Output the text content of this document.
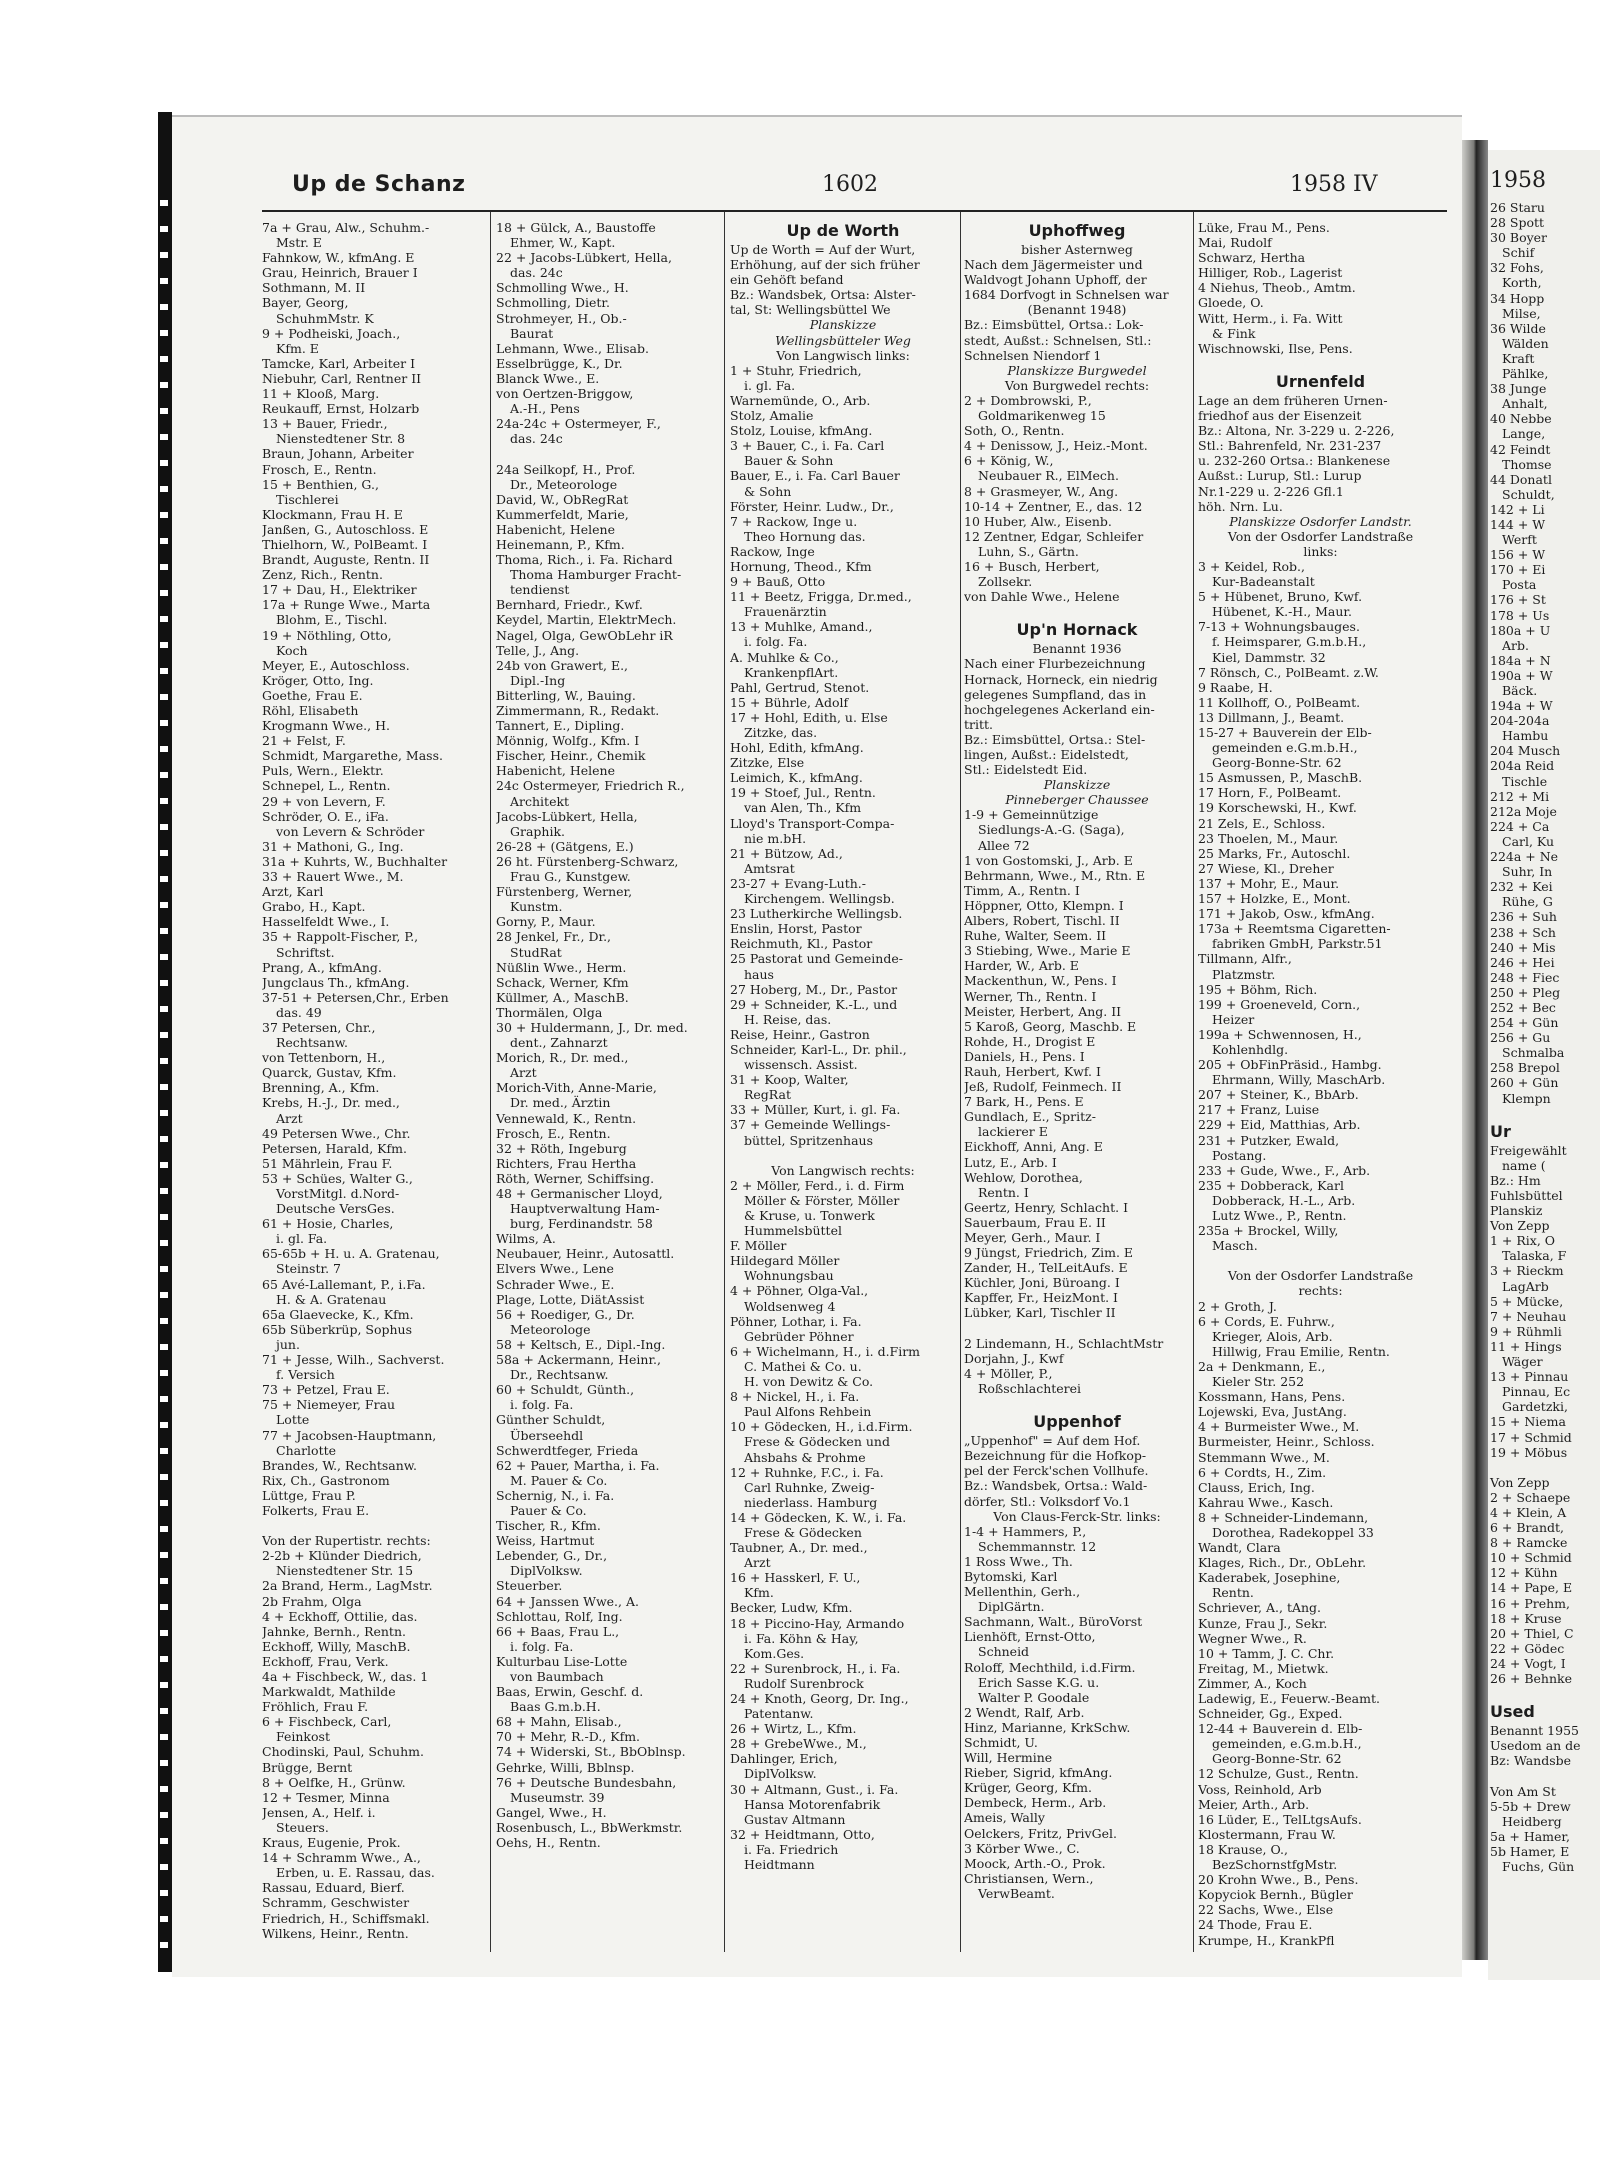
Up de Schanz	1602	1958 IV
7a + Grau, Alw., Schuhm.-
Mstr. E
Fahnkow, W., kfmAng. E
Grau, Heinrich, Brauer I
Sothmann, M. II
Bayer, Georg,
SchuhmMstr. K
9 + Podheiski, Joach.,
Kfm. E
Tamcke, Karl, Arbeiter I
Niebuhr, Carl, Rentner II
11 + Klooß, Marg.
Reukauff, Ernst, Holzarb
13 + Bauer, Friedr.,
Nienstedtener Str. 8
Braun, Johann, Arbeiter
Frosch, E., Rentn.
15 + Benthien, G.,
Tischlerei
Klockmann, Frau H. E
Janßen, G., Autoschloss. E
Thielhorn, W., PolBeamt. I
Brandt, Auguste, Rentn. II
Zenz, Rich., Rentn.
17 + Dau, H., Elektriker
17a + Runge Wwe., Marta
Blohm, E., Tischl.
19 + Nöthling, Otto,
Koch
Meyer, E., Autoschloss.
Kröger, Otto, Ing.
Goethe, Frau E.
Röhl, Elisabeth
Krogmann Wwe., H.
21 + Felst, F.
Schmidt, Margarethe, Mass.
Puls, Wern., Elektr.
Schnepel, L., Rentn.
29 + von Levern, F.
Schröder, O. E., iFa.
von Levern & Schröder
31 + Mathoni, G., Ing.
31a + Kuhrts, W., Buchhalter
33 + Rauert Wwe., M.
Arzt, Karl
Grabo, H., Kapt.
Hasselfeldt Wwe., I.
35 + Rappolt-Fischer, P.,
Schriftst.
Prang, A., kfmAng.
Jungclaus Th., kfmAng.
37-51 + Petersen,Chr., Erben
das. 49
37 Petersen, Chr.,
Rechtsanw.
von Tettenborn, H.,
Quarck, Gustav, Kfm.
Brenning, A., Kfm.
Krebs, H.-J., Dr. med.,
Arzt
49 Petersen Wwe., Chr.
Petersen, Harald, Kfm.
51 Mährlein, Frau F.
53 + Schües, Walter G.,
VorstMitgl. d.Nord-
Deutsche VersGes.
61 + Hosie, Charles,
i. gl. Fa.
65-65b + H. u. A. Gratenau,
Steinstr. 7
65 Avé-Lallemant, P., i.Fa.
H. & A. Gratenau
65a Glaevecke, K., Kfm.
65b Süberkrüp, Sophus
jun.
71 + Jesse, Wilh., Sachverst.
f. Versich
73 + Petzel, Frau E.
75 + Niemeyer, Frau
Lotte
77 + Jacobsen-Hauptmann,
Charlotte
Brandes, W., Rechtsanw.
Rix, Ch., Gastronom
Lüttge, Frau P.
Folkerts, Frau E.

Von der Rupertistr. rechts:
2-2b + Klünder Diedrich,
Nienstedtener Str. 15
2a Brand, Herm., LagMstr.
2b Frahm, Olga
4 + Eckhoff, Ottilie, das.
Jahnke, Bernh., Rentn.
Eckhoff, Willy, MaschB.
Eckhoff, Frau, Verk.
4a + Fischbeck, W., das. 1
Markwaldt, Mathilde
Fröhlich, Frau F.
6 + Fischbeck, Carl,
Feinkost
Chodinski, Paul, Schuhm.
Brügge, Bernt
8 + Oelfke, H., Grünw.
12 + Tesmer, Minna
Jensen, A., Helf. i.
Steuers.
Kraus, Eugenie, Prok.
14 + Schramm Wwe., A.,
Erben, u. E. Rassau, das.
Rassau, Eduard, Bierf.
Schramm, Geschwister
Friedrich, H., Schiffsmakl.
Wilkens, Heinr., Rentn.
18 + Gülck, A., Baustoffe
Ehmer, W., Kapt.
22 + Jacobs-Lübkert, Hella,
das. 24c
Schmolling Wwe., H.
Schmolling, Dietr.
Strohmeyer, H., Ob.-
Baurat
Lehmann, Wwe., Elisab.
Esselbrügge, K., Dr.
Blanck Wwe., E.
von Oertzen-Briggow,
A.-H., Pens
24a-24c + Ostermeyer, F.,
das. 24c

24a Seilkopf, H., Prof.
Dr., Meteorologe
David, W., ObRegRat
Kummerfeldt, Marie,
Habenicht, Helene
Heinemann, P., Kfm.
Thoma, Rich., i. Fa. Richard
Thoma Hamburger Fracht-
tendienst
Bernhard, Friedr., Kwf.
Keydel, Martin, ElektrMech.
Nagel, Olga, GewObLehr iR
Telle, J., Ang.
24b von Grawert, E.,
Dipl.-Ing
Bitterling, W., Bauing.
Zimmermann, R., Redakt.
Tannert, E., Dipling.
Mönnig, Wolfg., Kfm. I
Fischer, Heinr., Chemik
Habenicht, Helene
24c Ostermeyer, Friedrich R.,
Architekt
Jacobs-Lübkert, Hella,
Graphik.
26-28 + (Gätgens, E.)
26 ht. Fürstenberg-Schwarz,
Frau G., Kunstgew.
Fürstenberg, Werner,
Kunstm.
Gorny, P., Maur.
28 Jenkel, Fr., Dr.,
StudRat
Nüßlin Wwe., Herm.
Schack, Werner, Kfm
Küllmer, A., MaschB.
Thormälen, Olga
30 + Huldermann, J., Dr. med.
dent., Zahnarzt
Morich, R., Dr. med.,
Arzt
Morich-Vith, Anne-Marie,
Dr. med., Ärztin
Vennewald, K., Rentn.
Frosch, E., Rentn.
32 + Röth, Ingeburg
Richters, Frau Hertha
Röth, Werner, Schiffsing.
48 + Germanischer Lloyd,
Hauptverwaltung Ham-
burg, Ferdinandstr. 58
Wilms, A.
Neubauer, Heinr., Autosattl.
Elvers Wwe., Lene
Schrader Wwe., E.
Plage, Lotte, DiätAssist
56 + Roediger, G., Dr.
Meteorologe
58 + Keltsch, E., Dipl.-Ing.
58a + Ackermann, Heinr.,
Dr., Rechtsanw.
60 + Schuldt, Günth.,
i. folg. Fa.
Günther Schuldt,
Überseehdl
Schwerdtfeger, Frieda
62 + Pauer, Martha, i. Fa.
M. Pauer & Co.
Schernig, N., i. Fa.
Pauer & Co.
Tischer, R., Kfm.
Weiss, Hartmut
Lebender, G., Dr.,
DiplVolksw.
Steuerber.
64 + Janssen Wwe., A.
Schlottau, Rolf, Ing.
66 + Baas, Frau L.,
i. folg. Fa.
Kulturbau Lise-Lotte
von Baumbach
Baas, Erwin, Geschf. d.
Baas G.m.b.H.
68 + Mahn, Elisab.,
70 + Mehr, R.-D., Kfm.
74 + Widerski, St., BbOblnsp.
Gehrke, Willi, Bblnsp.
76 + Deutsche Bundesbahn,
Museumstr. 39
Gangel, Wwe., H.
Rosenbusch, L., BbWerkmstr.
Oehs, H., Rentn.
Up de Worth
Up de Worth = Auf der Wurt,
Erhöhung, auf der sich früher
ein Gehöft befand
Bz.: Wandsbek, Ortsa: Alster-
tal, St: Wellingsbüttel We
Planskizze
Wellingsbütteler Weg
Von Langwisch links:
1 + Stuhr, Friedrich,
i. gl. Fa.
Warnemünde, O., Arb.
Stolz, Amalie
Stolz, Louise, kfmAng.
3 + Bauer, C., i. Fa. Carl
Bauer & Sohn
Bauer, E., i. Fa. Carl Bauer
& Sohn
Förster, Heinr. Ludw., Dr.,
7 + Rackow, Inge u.
Theo Hornung das.
Rackow, Inge
Hornung, Theod., Kfm
9 + Bauß, Otto
11 + Beetz, Frigga, Dr.med.,
Frauenärztin
13 + Muhlke, Amand.,
i. folg. Fa.
A. Muhlke & Co.,
KrankenpflArt.
Pahl, Gertrud, Stenot.
15 + Bührle, Adolf
17 + Hohl, Edith, u. Else
Zitzke, das.
Hohl, Edith, kfmAng.
Zitzke, Else
Leimich, K., kfmAng.
19 + Stoef, Jul., Rentn.
van Alen, Th., Kfm
Lloyd's Transport-Compa-
nie m.bH.
21 + Bützow, Ad.,
Amtsrat
23-27 + Evang-Luth.-
Kirchengem. Wellingsb.
23 Lutherkirche Wellingsb.
Enslin, Horst, Pastor
Reichmuth, Kl., Pastor
25 Pastorat und Gemeinde-
haus
27 Hoberg, M., Dr., Pastor
29 + Schneider, K.-L., und
H. Reise, das.
Reise, Heinr., Gastron
Schneider, Karl-L., Dr. phil.,
wissensch. Assist.
31 + Koop, Walter,
RegRat
33 + Müller, Kurt, i. gl. Fa.
37 + Gemeinde Wellings-
büttel, Spritzenhaus

Von Langwisch rechts:
2 + Möller, Ferd., i. d. Firm
Möller & Förster, Möller
& Kruse, u. Tonwerk
Hummelsbüttel
F. Möller
Hildegard Möller
Wohnungsbau
4 + Pöhner, Olga-Val.,
Woldsenweg 4
Pöhner, Lothar, i. Fa.
Gebrüder Pöhner
6 + Wichelmann, H., i. d.Firm
C. Mathei & Co. u.
H. von Dewitz & Co.
8 + Nickel, H., i. Fa.
Paul Alfons Rehbein
10 + Gödecken, H., i.d.Firm.
Frese & Gödecken und
Ahsbahs & Prohme
12 + Ruhnke, F.C., i. Fa.
Carl Ruhnke, Zweig-
niederlass. Hamburg
14 + Gödecken, K. W., i. Fa.
Frese & Gödecken
Taubner, A., Dr. med.,
Arzt
16 + Hasskerl, F. U.,
Kfm.
Becker, Ludw, Kfm.
18 + Piccino-Hay, Armando
i. Fa. Köhn & Hay,
Kom.Ges.
22 + Surenbrock, H., i. Fa.
Rudolf Surenbrock
24 + Knoth, Georg, Dr. Ing.,
Patentanw.
26 + Wirtz, L., Kfm.
28 + GrebeWwe., M.,
Dahlinger, Erich,
DiplVolksw.
30 + Altmann, Gust., i. Fa.
Hansa Motorenfabrik
Gustav Altmann
32 + Heidtmann, Otto,
i. Fa. Friedrich
Heidtmann
Uphoffweg
bisher Asternweg
Nach dem Jägermeister und
Waldvogt Johann Uphoff, der
1684 Dorfvogt in Schnelsen war
(Benannt 1948)
Bz.: Eimsbüttel, Ortsa.: Lok-
stedt, Außst.: Schnelsen, Stl.:
Schnelsen Niendorf 1
Planskizze Burgwedel
Von Burgwedel rechts:
2 + Dombrowski, P.,
Goldmarikenweg 15
Soth, O., Rentn.
4 + Denissow, J., Heiz.-Mont.
6 + König, W.,
Neubauer R., ElMech.
8 + Grasmeyer, W., Ang.
10-14 + Zentner, E., das. 12
10 Huber, Alw., Eisenb.
12 Zentner, Edgar, Schleifer
Luhn, S., Gärtn.
16 + Busch, Herbert,
Zollsekr.
von Dahle Wwe., Helene

Up'n Hornack
Benannt 1936
Nach einer Flurbezeichnung
Hornack, Horneck, ein niedrig
gelegenes Sumpfland, das in
hochgelegenes Ackerland ein-
tritt.
Bz.: Eimsbüttel, Ortsa.: Stel-
lingen, Außst.: Eidelstedt,
Stl.: Eidelstedt Eid.
Planskizze
Pinneberger Chaussee
1-9 + Gemeinnützige
Siedlungs-A.-G. (Saga),
Allee 72
1 von Gostomski, J., Arb. E
Behrmann, Wwe., M., Rtn. E
Timm, A., Rentn. I
Höppner, Otto, Klempn. I
Albers, Robert, Tischl. II
Ruhe, Walter, Seem. II
3 Stiebing, Wwe., Marie E
Harder, W., Arb. E
Mackenthun, W., Pens. I
Werner, Th., Rentn. I
Meister, Herbert, Ang. II
5 Karoß, Georg, Maschb. E
Rohde, H., Drogist E
Daniels, H., Pens. I
Rauh, Herbert, Kwf. I
Jeß, Rudolf, Feinmech. II
7 Bark, H., Pens. E
Gundlach, E., Spritz-
lackierer E
Eickhoff, Anni, Ang. E
Lutz, E., Arb. I
Wehlow, Dorothea,
Rentn. I
Geertz, Henry, Schlacht. I
Sauerbaum, Frau E. II
Meyer, Gerh., Maur. I
9 Jüngst, Friedrich, Zim. E
Zander, H., TelLeitAufs. E
Küchler, Joni, Büroang. I
Kapffer, Fr., HeizMont. I
Lübker, Karl, Tischler II

2 Lindemann, H., SchlachtMstr
Dorjahn, J., Kwf
4 + Möller, P.,
Roßschlachterei

Uppenhof
„Uppenhof" = Auf dem Hof.
Bezeichnung für die Hofkop-
pel der Ferck'schen Vollhufe.
Bz.: Wandsbek, Ortsa.: Wald-
dörfer, Stl.: Volksdorf Vo.1
Von Claus-Ferck-Str. links:
1-4 + Hammers, P.,
Schemmannstr. 12
1 Ross Wwe., Th.
Bytomski, Karl
Mellenthin, Gerh.,
DiplGärtn.
Sachmann, Walt., BüroVorst
Lienhöft, Ernst-Otto,
Schneid
Roloff, Mechthild, i.d.Firm.
Erich Sasse K.G. u.
Walter P. Goodale
2 Wendt, Ralf, Arb.
Hinz, Marianne, KrkSchw.
Schmidt, U.
Will, Hermine
Rieber, Sigrid, kfmAng.
Krüger, Georg, Kfm.
Dembeck, Herm., Arb.
Ameis, Wally
Oelckers, Fritz, PrivGel.
3 Körber Wwe., C.
Moock, Arth.-O., Prok.
Christiansen, Wern.,
VerwBeamt.
Lüke, Frau M., Pens.
Mai, Rudolf
Schwarz, Hertha
Hilliger, Rob., Lagerist
4 Niehus, Theob., Amtm.
Gloede, O.
Witt, Herm., i. Fa. Witt
& Fink
Wischnowski, Ilse, Pens.

Urnenfeld
Lage an dem früheren Urnen-
friedhof aus der Eisenzeit
Bz.: Altona, Nr. 3-229 u. 2-226,
Stl.: Bahrenfeld, Nr. 231-237
u. 232-260 Ortsa.: Blankenese
Außst.: Lurup, Stl.: Lurup
Nr.1-229 u. 2-226 Gfl.1
höh. Nrn. Lu.
Planskizze Osdorfer Landstr.
Von der Osdorfer Landstraße
links:
3 + Keidel, Rob.,
Kur-Badeanstalt
5 + Hübenet, Bruno, Kwf.
Hübenet, K.-H., Maur.
7-13 + Wohnungsbauges.
f. Heimsparer, G.m.b.H.,
Kiel, Dammstr. 32
7 Rönsch, C., PolBeamt. z.W.
9 Raabe, H.
11 Kollhoff, O., PolBeamt.
13 Dillmann, J., Beamt.
15-27 + Bauverein der Elb-
gemeinden e.G.m.b.H.,
Georg-Bonne-Str. 62
15 Asmussen, P., MaschB.
17 Horn, F., PolBeamt.
19 Korschewski, H., Kwf.
21 Zels, E., Schloss.
23 Thoelen, M., Maur.
25 Marks, Fr., Autoschl.
27 Wiese, Kl., Dreher
137 + Mohr, E., Maur.
157 + Holzke, E., Mont.
171 + Jakob, Osw., kfmAng.
173a + Reemtsma Cigaretten-
fabriken GmbH, Parkstr.51
Tillmann, Alfr.,
Platzmstr.
195 + Böhm, Rich.
199 + Groeneveld, Corn.,
Heizer
199a + Schwennosen, H.,
Kohlenhdlg.
205 + ObFinPräsid., Hambg.
Ehrmann, Willy, MaschArb.
207 + Steiner, K., BbArb.
217 + Franz, Luise
229 + Eid, Matthias, Arb.
231 + Putzker, Ewald,
Postang.
233 + Gude, Wwe., F., Arb.
235 + Dobberack, Karl
Dobberack, H.-L., Arb.
Lutz Wwe., P., Rentn.
235a + Brockel, Willy,
Masch.

Von der Osdorfer Landstraße
rechts:
2 + Groth, J.
6 + Cords, E. Fuhrw.,
Krieger, Alois, Arb.
Hillwig, Frau Emilie, Rentn.
2a + Denkmann, E.,
Kieler Str. 252
Kossmann, Hans, Pens.
Lojewski, Eva, JustAng.
4 + Burmeister Wwe., M.
Burmeister, Heinr., Schloss.
Stemmann Wwe., M.
6 + Cordts, H., Zim.
Clauss, Erich, Ing.
Kahrau Wwe., Kasch.
8 + Schneider-Lindemann,
Dorothea, Radekoppel 33
Wandt, Clara
Klages, Rich., Dr., ObLehr.
Kaderabek, Josephine,
Rentn.
Schriever, A., tAng.
Kunze, Frau J., Sekr.
Wegner Wwe., R.
10 + Tamm, J. C. Chr.
Freitag, M., Mietwk.
Zimmer, A., Koch
Ladewig, E., Feuerw.-Beamt.
Schneider, Gg., Exped.
12-44 + Bauverein d. Elb-
gemeinden, e.G.m.b.H.,
Georg-Bonne-Str. 62
12 Schulze, Gust., Rentn.
Voss, Reinhold, Arb
Meier, Arth., Arb.
16 Lüder, E., TelLtgsAufs.
Klostermann, Frau W.
18 Krause, O.,
BezSchornstfgMstr.
20 Krohn Wwe., B., Pens.
Kopyciok Bernh., Bügler
22 Sachs, Wwe., Else
24 Thode, Frau E.
Krumpe, H., KrankPfl
1958
26 Staru
28 Spott
30 Boyer
Schif
32 Fohs,
Korth,
34 Hopp
Milse,
36 Wilde
Wälden
Kraft
Pählke,
38 Junge
Anhalt,
40 Nebbe
Lange,
42 Feindt
Thomse
44 Donatl
Schuldt,
142 + Li
144 + W
Werft
156 + W
170 + Ei
Posta
176 + St
178 + Us
180a + U
Arb.
184a + N
190a + W
Bäck.
194a + W
204-204a
Hambu
204 Musch
204a Reid
Tischle
212 + Mi
212a Moje
224 + Ca
Carl, Ku
224a + Ne
Suhr, In
232 + Kei
Rühe, G
236 + Suh
238 + Sch
240 + Mis
246 + Hei
248 + Fiec
250 + Pleg
252 + Bec
254 + Gün
256 + Gu
Schmalba
258 Brepol
260 + Gün
Klempn

Ur
Freigewählt
name (
Bz.: Hm
Fuhlsbüttel
Planskiz
Von Zepp
1 + Rix, O
Talaska, F
3 + Rieckm
LagArb
5 + Mücke,
7 + Neuhau
9 + Rühmli
11 + Hings
Wäger
13 + Pinnau
Pinnau, Ec
Gardetzki,
15 + Niema
17 + Schmid
19 + Möbus

Von Zepp
2 + Schaepe
4 + Klein, A
6 + Brandt,
8 + Ramcke
10 + Schmid
12 + Kühn
14 + Pape, E
16 + Prehm,
18 + Kruse
20 + Thiel, C
22 + Gödec
24 + Vogt, I
26 + Behnke

Used
Benannt 1955
Usedom an de
Bz: Wandsbe

Von Am St
5-5b + Drew
Heidberg
5a + Hamer,
5b Hamer, E
Fuchs, Gün
